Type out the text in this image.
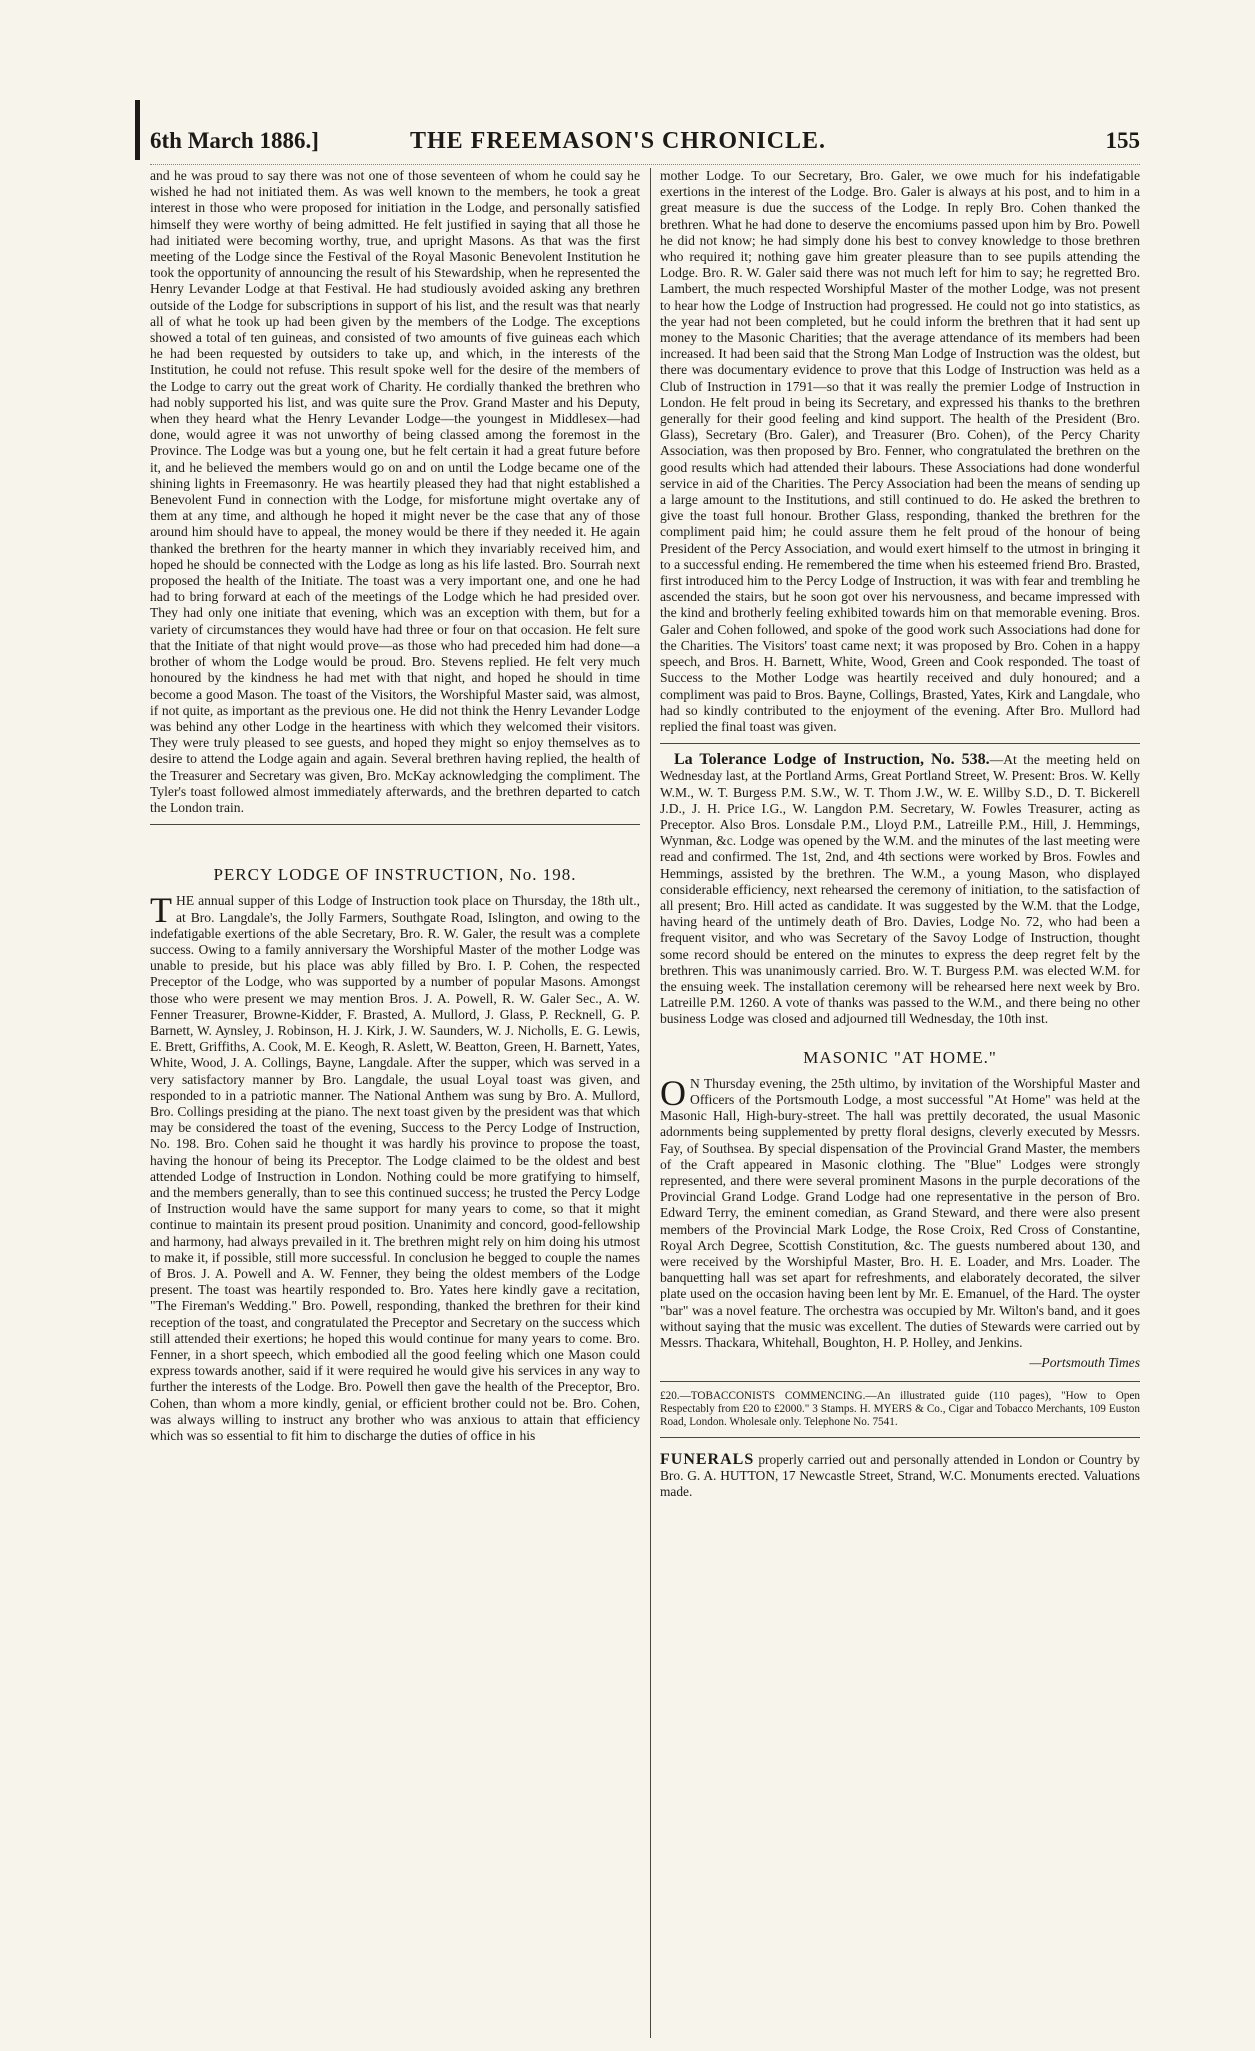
6th March 1886.]	THE FREEMASON'S CHRONICLE.	155

and he was proud to say there was not one of those seventeen of whom he could say he wished he had not initiated them. As was well known to the members, he took a great interest in those who were proposed for initiation in the Lodge, and personally satisfied himself they were worthy of being admitted. He felt justified in saying that all those he had initiated were becoming worthy, true, and upright Masons. As that was the first meeting of the Lodge since the Festival of the Royal Masonic Benevolent Institution he took the opportunity of announcing the result of his Stewardship, when he represented the Henry Levander Lodge at that Festival. He had studiously avoided asking any brethren outside of the Lodge for subscriptions in support of his list, and the result was that nearly all of what he took up had been given by the members of the Lodge. The exceptions showed a total of ten guineas, and consisted of two amounts of five guineas each which he had been requested by outsiders to take up, and which, in the interests of the Institution, he could not refuse. This result spoke well for the desire of the members of the Lodge to carry out the great work of Charity. He cordially thanked the brethren who had nobly supported his list, and was quite sure the Prov. Grand Master and his Deputy, when they heard what the Henry Levander Lodge—the youngest in Middlesex—had done, would agree it was not unworthy of being classed among the foremost in the Province. The Lodge was but a young one, but he felt certain it had a great future before it, and he believed the members would go on and on until the Lodge became one of the shining lights in Freemasonry. He was heartily pleased they had that night established a Benevolent Fund in connection with the Lodge, for misfortune might overtake any of them at any time, and although he hoped it might never be the case that any of those around him should have to appeal, the money would be there if they needed it. He again thanked the brethren for the hearty manner in which they invariably received him, and hoped he should be connected with the Lodge as long as his life lasted. Bro. Sourrah next proposed the health of the Initiate. The toast was a very important one, and one he had had to bring forward at each of the meetings of the Lodge which he had presided over. They had only one initiate that evening, which was an exception with them, but for a variety of circumstances they would have had three or four on that occasion. He felt sure that the Initiate of that night would prove—as those who had preceded him had done—a brother of whom the Lodge would be proud. Bro. Stevens replied. He felt very much honoured by the kindness he had met with that night, and hoped he should in time become a good Mason. The toast of the Visitors, the Worshipful Master said, was almost, if not quite, as important as the previous one. He did not think the Henry Levander Lodge was behind any other Lodge in the heartiness with which they welcomed their visitors. They were truly pleased to see guests, and hoped they might so enjoy themselves as to desire to attend the Lodge again and again. Several brethren having replied, the health of the Treasurer and Secretary was given, Bro. McKay acknowledging the compliment. The Tyler's toast followed almost immediately afterwards, and the brethren departed to catch the London train.

PERCY LODGE OF INSTRUCTION, No. 198.

THE annual supper of this Lodge of Instruction took place on Thursday, the 18th ult., at Bro. Langdale's, the Jolly Farmers, Southgate Road, Islington, and owing to the indefatigable exertions of the able Secretary, Bro. R. W. Galer, the result was a complete success. Owing to a family anniversary the Worshipful Master of the mother Lodge was unable to preside, but his place was ably filled by Bro. I. P. Cohen, the respected Preceptor of the Lodge, who was supported by a number of popular Masons. Amongst those who were present we may mention Bros. J. A. Powell, R. W. Galer Sec., A. W. Fenner Treasurer, Browne-Kidder, F. Brasted, A. Mullord, J. Glass, P. Recknell, G. P. Barnett, W. Aynsley, J. Robinson, H. J. Kirk, J. W. Saunders, W. J. Nicholls, E. G. Lewis, E. Brett, Griffiths, A. Cook, M. E. Keogh, R. Aslett, W. Beatton, Green, H. Barnett, Yates, White, Wood, J. A. Collings, Bayne, Langdale. After the supper, which was served in a very satisfactory manner by Bro. Langdale, the usual Loyal toast was given, and responded to in a patriotic manner. The National Anthem was sung by Bro. A. Mullord, Bro. Collings presiding at the piano. The next toast given by the president was that which may be considered the toast of the evening, Success to the Percy Lodge of Instruction, No. 198. Bro. Cohen said he thought it was hardly his province to propose the toast, having the honour of being its Preceptor. The Lodge claimed to be the oldest and best attended Lodge of Instruction in London. Nothing could be more gratifying to himself, and the members generally, than to see this continued success; he trusted the Percy Lodge of Instruction would have the same support for many years to come, so that it might continue to maintain its present proud position. Unanimity and concord, good-fellowship and harmony, had always prevailed in it. The brethren might rely on him doing his utmost to make it, if possible, still more successful. In conclusion he begged to couple the names of Bros. J. A. Powell and A. W. Fenner, they being the oldest members of the Lodge present. The toast was heartily responded to. Bro. Yates here kindly gave a recitation, "The Fireman's Wedding." Bro. Powell, responding, thanked the brethren for their kind reception of the toast, and congratulated the Preceptor and Secretary on the success which still attended their exertions; he hoped this would continue for many years to come. Bro. Fenner, in a short speech, which embodied all the good feeling which one Mason could express towards another, said if it were required he would give his services in any way to further the interests of the Lodge. Bro. Powell then gave the health of the Preceptor, Bro. Cohen, than whom a more kindly, genial, or efficient brother could not be. Bro. Cohen, was always willing to instruct any brother who was anxious to attain that efficiency which was so essential to fit him to discharge the duties of office in his

mother Lodge. To our Secretary, Bro. Galer, we owe much for his indefatigable exertions in the interest of the Lodge. Bro. Galer is always at his post, and to him in a great measure is due the success of the Lodge. In reply Bro. Cohen thanked the brethren. What he had done to deserve the encomiums passed upon him by Bro. Powell he did not know; he had simply done his best to convey knowledge to those brethren who required it; nothing gave him greater pleasure than to see pupils attending the Lodge. Bro. R. W. Galer said there was not much left for him to say; he regretted Bro. Lambert, the much respected Worshipful Master of the mother Lodge, was not present to hear how the Lodge of Instruction had progressed. He could not go into statistics, as the year had not been completed, but he could inform the brethren that it had sent up money to the Masonic Charities; that the average attendance of its members had been increased. It had been said that the Strong Man Lodge of Instruction was the oldest, but there was documentary evidence to prove that this Lodge of Instruction was held as a Club of Instruction in 1791—so that it was really the premier Lodge of Instruction in London. He felt proud in being its Secretary, and expressed his thanks to the brethren generally for their good feeling and kind support. The health of the President (Bro. Glass), Secretary (Bro. Galer), and Treasurer (Bro. Cohen), of the Percy Charity Association, was then proposed by Bro. Fenner, who congratulated the brethren on the good results which had attended their labours. These Associations had done wonderful service in aid of the Charities. The Percy Association had been the means of sending up a large amount to the Institutions, and still continued to do. He asked the brethren to give the toast full honour. Brother Glass, responding, thanked the brethren for the compliment paid him; he could assure them he felt proud of the honour of being President of the Percy Association, and would exert himself to the utmost in bringing it to a successful ending. He remembered the time when his esteemed friend Bro. Brasted, first introduced him to the Percy Lodge of Instruction, it was with fear and trembling he ascended the stairs, but he soon got over his nervousness, and became impressed with the kind and brotherly feeling exhibited towards him on that memorable evening. Bros. Galer and Cohen followed, and spoke of the good work such Associations had done for the Charities. The Visitors' toast came next; it was proposed by Bro. Cohen in a happy speech, and Bros. H. Barnett, White, Wood, Green and Cook responded. The toast of Success to the Mother Lodge was heartily received and duly honoured; and a compliment was paid to Bros. Bayne, Collings, Brasted, Yates, Kirk and Langdale, who had so kindly contributed to the enjoyment of the evening. After Bro. Mullord had replied the final toast was given.

La Tolerance Lodge of Instruction, No. 538.—At the meeting held on Wednesday last, at the Portland Arms, Great Portland Street, W. Present: Bros. W. Kelly W.M., W. T. Burgess P.M. S.W., W. T. Thom J.W., W. E. Willby S.D., D. T. Bickerell J.D., J. H. Price I.G., W. Langdon P.M. Secretary, W. Fowles Treasurer, acting as Preceptor. Also Bros. Lonsdale P.M., Lloyd P.M., Latreille P.M., Hill, J. Hemmings, Wynman, &c. Lodge was opened by the W.M. and the minutes of the last meeting were read and confirmed. The 1st, 2nd, and 4th sections were worked by Bros. Fowles and Hemmings, assisted by the brethren. The W.M., a young Mason, who displayed considerable efficiency, next rehearsed the ceremony of initiation, to the satisfaction of all present; Bro. Hill acted as candidate. It was suggested by the W.M. that the Lodge, having heard of the untimely death of Bro. Davies, Lodge No. 72, who had been a frequent visitor, and who was Secretary of the Savoy Lodge of Instruction, thought some record should be entered on the minutes to express the deep regret felt by the brethren. This was unanimously carried. Bro. W. T. Burgess P.M. was elected W.M. for the ensuing week. The installation ceremony will be rehearsed here next week by Bro. Latreille P.M. 1260. A vote of thanks was passed to the W.M., and there being no other business Lodge was closed and adjourned till Wednesday, the 10th inst.

MASONIC "AT HOME."

O N Thursday evening, the 25th ultimo, by invitation of the Worshipful Master and Officers of the Portsmouth Lodge, a most successful "At Home" was held at the Masonic Hall, High-bury-street. The hall was prettily decorated, the usual Masonic adornments being supplemented by pretty floral designs, cleverly executed by Messrs. Fay, of Southsea. By special dispensation of the Provincial Grand Master, the members of the Craft appeared in Masonic clothing. The "Blue" Lodges were strongly represented, and there were several prominent Masons in the purple decorations of the Provincial Grand Lodge. Grand Lodge had one representative in the person of Bro. Edward Terry, the eminent comedian, as Grand Steward, and there were also present members of the Provincial Mark Lodge, the Rose Croix, Red Cross of Constantine, Royal Arch Degree, Scottish Constitution, &c. The guests numbered about 130, and were received by the Worshipful Master, Bro. H. E. Loader, and Mrs. Loader. The banquetting hall was set apart for refreshments, and elaborately decorated, the silver plate used on the occasion having been lent by Mr. E. Emanuel, of the Hard. The oyster "bar" was a novel feature. The orchestra was occupied by Mr. Wilton's band, and it goes without saying that the music was excellent. The duties of Stewards were carried out by Messrs. Thackara, Whitehall, Boughton, H. P. Holley, and Jenkins.

—Portsmouth Times

£20.—TOBACCONISTS COMMENCING.—An illustrated guide (110 pages), "How to Open Respectably from £20 to £2000." 3 Stamps. H. MYERS & Co., Cigar and Tobacco Merchants, 109 Euston Road, London. Wholesale only. Telephone No. 7541.

FUNERALS properly carried out and personally attended in London or Country by Bro. G. A. HUTTON, 17 Newcastle Street, Strand, W.C. Monuments erected. Valuations made.
